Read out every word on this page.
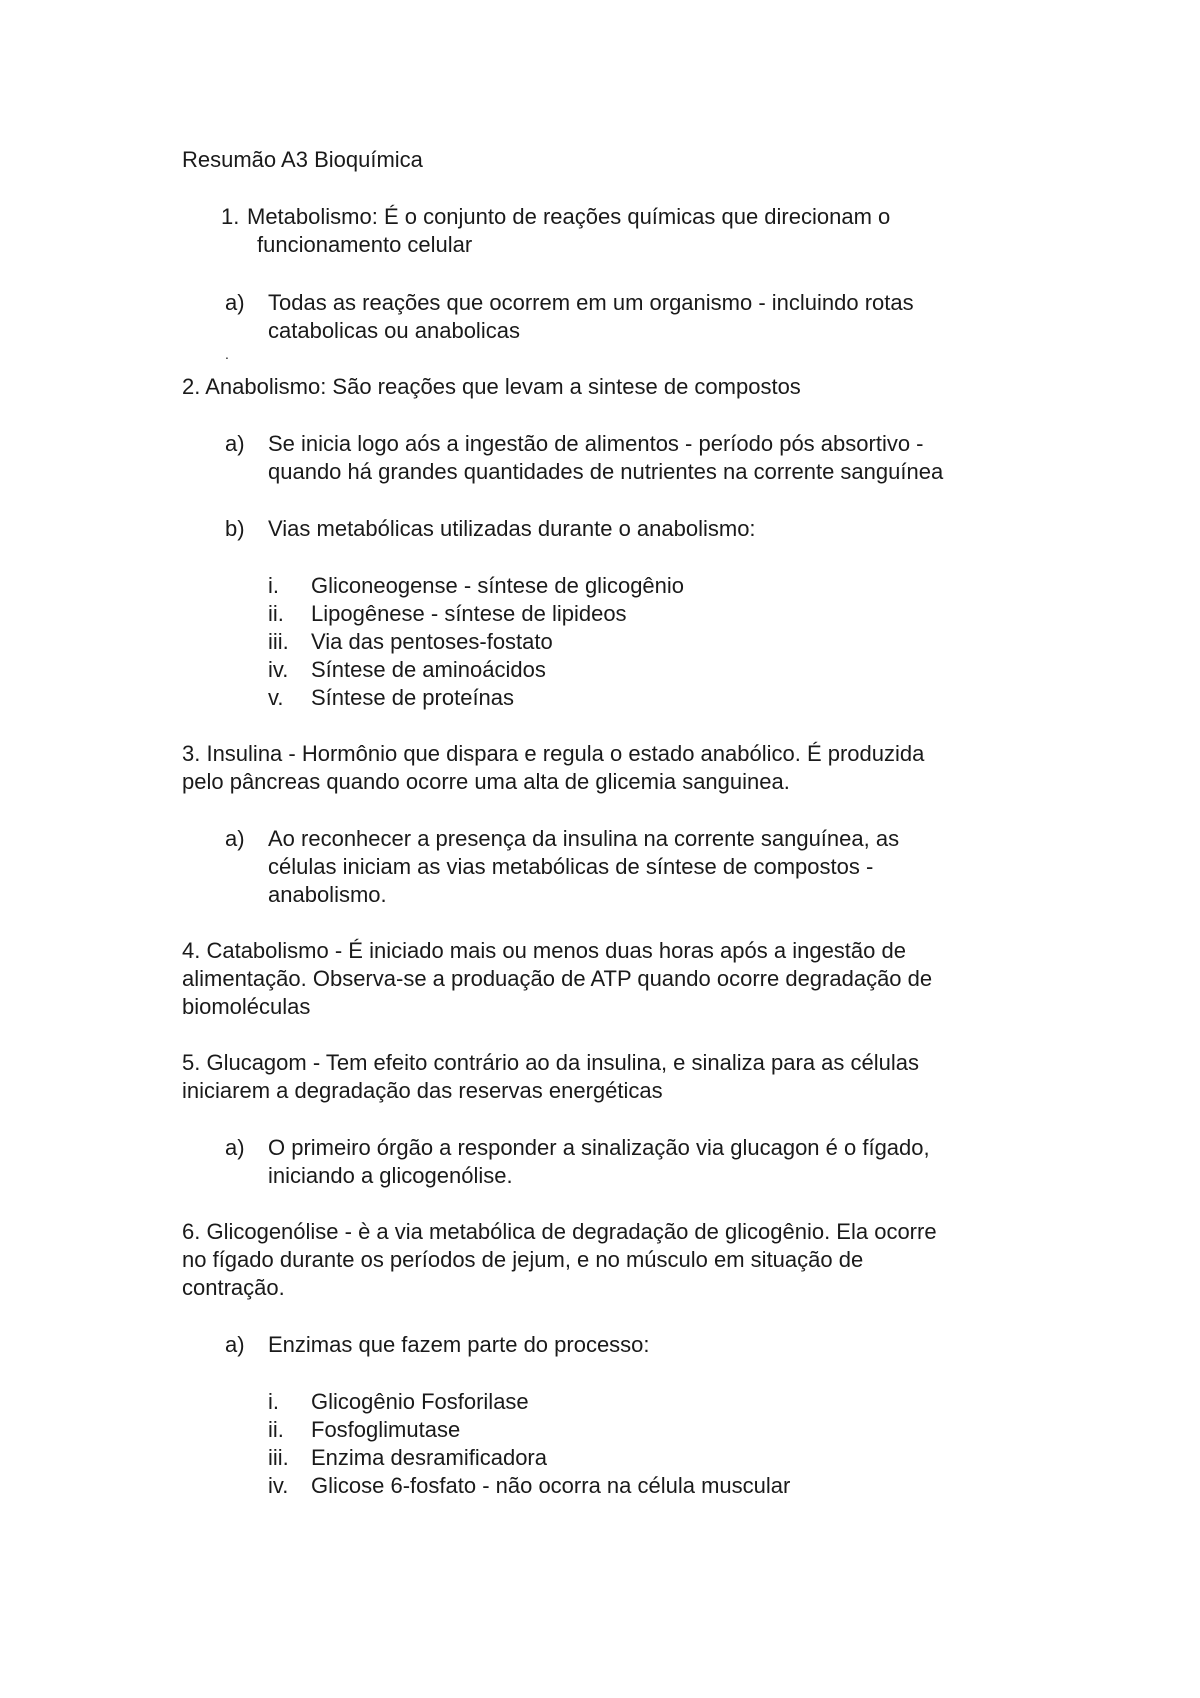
Resumão A3 Bioquímica
1. Metabolismo: É o conjunto de reações químicas que direcionam o
funcionamento celular
a) Todas as reações que ocorrem em um organismo - incluindo rotas
catabolicas ou anabolicas
.
2. Anabolismo: São reações que levam a sintese de compostos
a) Se inicia logo aós a ingestão de alimentos - período pós absortivo -
quando há grandes quantidades de nutrientes na corrente sanguínea
b) Vias metabólicas utilizadas durante o anabolismo:
i. Gliconeogense - síntese de glicogênio
ii. Lipogênese - síntese de lipideos
iii. Via das pentoses-fostato
iv. Síntese de aminoácidos
v. Síntese de proteínas
3. Insulina - Hormônio que dispara e regula o estado anabólico. É produzida
pelo pâncreas quando ocorre uma alta de glicemia sanguinea.
a) Ao reconhecer a presença da insulina na corrente sanguínea, as
células iniciam as vias metabólicas de síntese de compostos -
anabolismo.
4. Catabolismo - É iniciado mais ou menos duas horas após a ingestão de
alimentação. Observa-se a produação de ATP quando ocorre degradação de
biomoléculas
5. Glucagom - Tem efeito contrário ao da insulina, e sinaliza para as células
iniciarem a degradação das reservas energéticas
a) O primeiro órgão a responder a sinalização via glucagon é o fígado,
iniciando a glicogenólise.
6. Glicogenólise - è a via metabólica de degradação de glicogênio. Ela ocorre
no fígado durante os períodos de jejum, e no músculo em situação de
contração.
a) Enzimas que fazem parte do processo:
i. Glicogênio Fosforilase
ii. Fosfoglimutase
iii. Enzima desramificadora
iv. Glicose 6-fosfato - não ocorra na célula muscular
